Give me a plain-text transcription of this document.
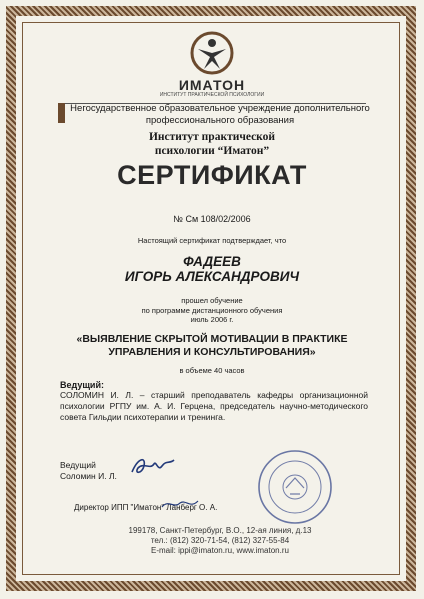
ИМАТОН
ИНСТИТУТ ПРАКТИЧЕСКОЙ ПСИХОЛОГИИ
Негосударственное образовательное учреждение дополнительного
профессионального образования
Институт практической
психологии “Иматон”
СЕРТИФИКАТ
№ См 108/02/2006
Настоящий сертификат подтверждает, что
ФАДЕЕВ
ИГОРЬ АЛЕКСАНДРОВИЧ
прошел обучение
по программе дистанционного обучения
июль 2006 г.
«ВЫЯВЛЕНИЕ СКРЫТОЙ МОТИВАЦИИ В ПРАКТИКЕ
УПРАВЛЕНИЯ И КОНСУЛЬТИРОВАНИЯ»
в объеме 40 часов
Ведущий:
СОЛОМИН И. Л. – старший преподаватель кафедры организационной психологии РГПУ им. А. И. Герцена, председатель научно-методического совета Гильдии психотерапии и тренинга.
Ведущий
Соломин И. Л.
Директор ИПП "Иматон" Ланберг О. А.
199178, Санкт-Петербург, В.О., 12-ая линия, д.13
тел.: (812) 320-71-54, (812) 327-55-84
E-mail: ippi@imaton.ru, www.imaton.ru
